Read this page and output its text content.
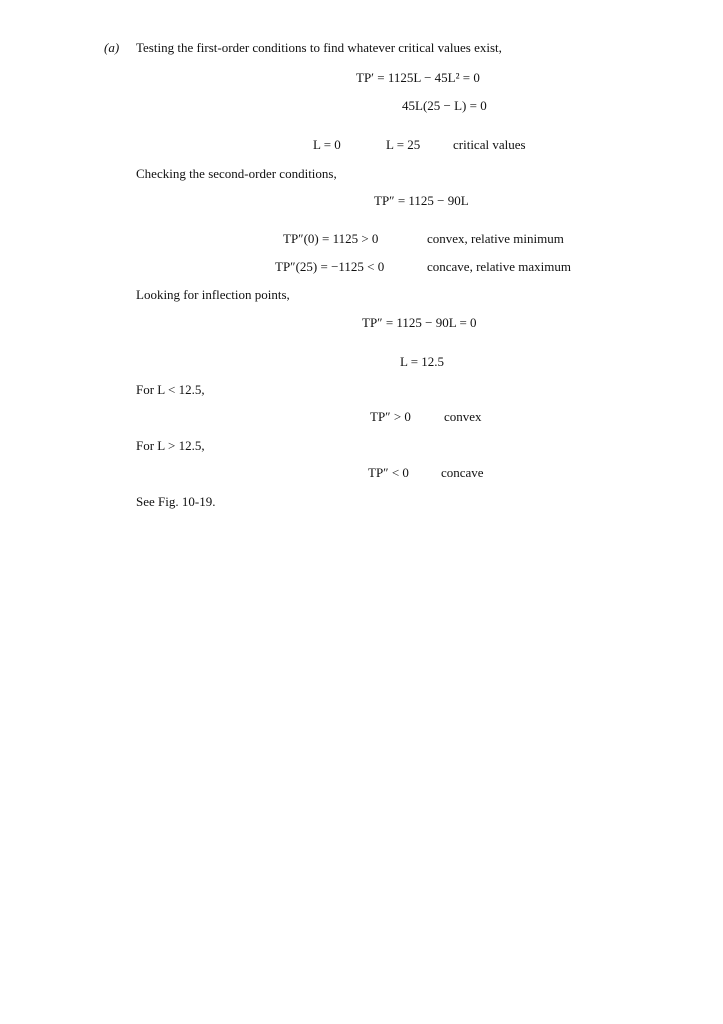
(a) Testing the first-order conditions to find whatever critical values exist,
TP′ = 1125L − 45L² = 0
45L(25 − L) = 0
L = 0	L = 25	critical values
Checking the second-order conditions,
TP″ = 1125 − 90L
TP″(0) = 1125 > 0	convex, relative minimum
TP″(25) = −1125 < 0	concave, relative maximum
Looking for inflection points,
TP″ = 1125 − 90L = 0
L = 12.5
For L < 12.5,
TP″ > 0	convex
For L > 12.5,
TP″ < 0 concave
See Fig. 10-19.
